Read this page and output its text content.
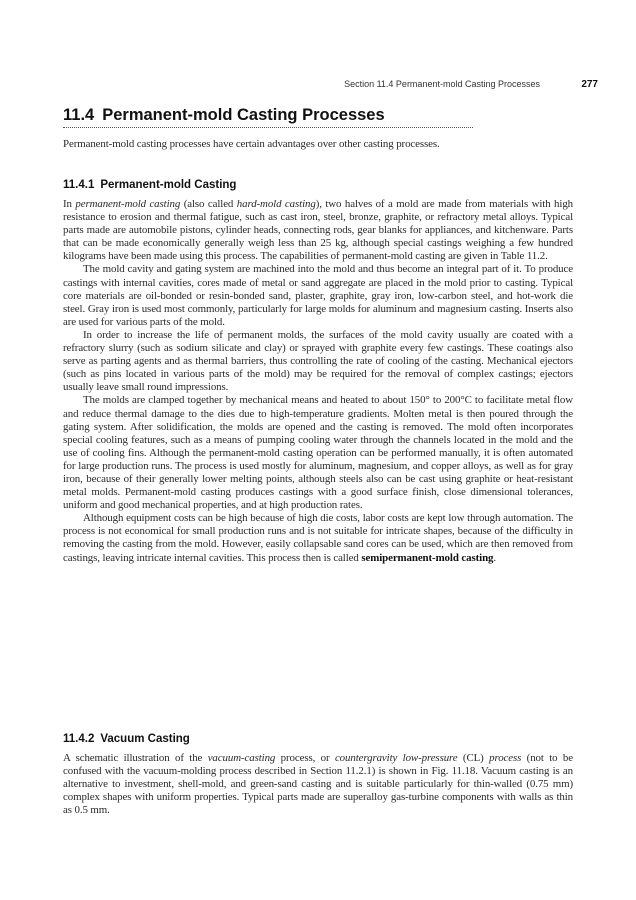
Section 11.4 Permanent-mold Casting Processes	277
11.4 Permanent-mold Casting Processes

Permanent-mold casting processes have certain advantages over other casting processes.

11.4.1 Permanent-mold Casting

In permanent-mold casting (also called hard-mold casting), two halves of a mold are made from materials with high resistance to erosion and thermal fatigue, such as cast iron, steel, bronze, graphite, or refractory metal alloys. Typical parts made are automobile pistons, cylinder heads, connecting rods, gear blanks for appliances, and kitchenware. Parts that can be made economically generally weigh less than 25 kg, although special castings weighing a few hundred kilograms have been made using this process. The capabilities of permanent-mold casting are given in Table 11.2.

The mold cavity and gating system are machined into the mold and thus become an integral part of it. To produce castings with internal cavities, cores made of metal or sand aggregate are placed in the mold prior to casting. Typical core materials are oil-bonded or resin-bonded sand, plaster, graphite, gray iron, low-carbon steel, and hot-work die steel. Gray iron is used most commonly, particularly for large molds for aluminum and magnesium casting. Inserts also are used for various parts of the mold.

In order to increase the life of permanent molds, the surfaces of the mold cavity usually are coated with a refractory slurry (such as sodium silicate and clay) or sprayed with graphite every few castings. These coatings also serve as parting agents and as thermal barriers, thus controlling the rate of cooling of the casting. Mechanical ejectors (such as pins located in various parts of the mold) may be required for the removal of complex castings; ejectors usually leave small round impressions.

The molds are clamped together by mechanical means and heated to about 150° to 200°C to facilitate metal flow and reduce thermal damage to the dies due to high-temperature gradients. Molten metal is then poured through the gating system. After solidification, the molds are opened and the casting is removed. The mold often incorporates special cooling features, such as a means of pumping cooling water through the channels located in the mold and the use of cooling fins. Although the permanent-mold casting operation can be performed manually, it is often automated for large production runs. The process is used mostly for aluminum, magnesium, and copper alloys, as well as for gray iron, because of their generally lower melting points, although steels also can be cast using graphite or heat-resistant metal molds. Permanent-mold casting produces castings with a good surface finish, close dimensional tolerances, uniform and good mechanical properties, and at high production rates.

Although equipment costs can be high because of high die costs, labor costs are kept low through automation. The process is not economical for small production runs and is not suitable for intricate shapes, because of the difficulty in removing the casting from the mold. However, easily collapsable sand cores can be used, which are then removed from castings, leaving intricate internal cavities. This process then is called semipermanent-mold casting.

11.4.2 Vacuum Casting

A schematic illustration of the vacuum-casting process, or countergravity low-pressure (CL) process (not to be confused with the vacuum-molding process described in Section 11.2.1) is shown in Fig. 11.18. Vacuum casting is an alternative to investment, shell-mold, and green-sand casting and is suitable particularly for thin-walled (0.75 mm) complex shapes with uniform properties. Typical parts made are superalloy gas-turbine components with walls as thin as 0.5 mm.
